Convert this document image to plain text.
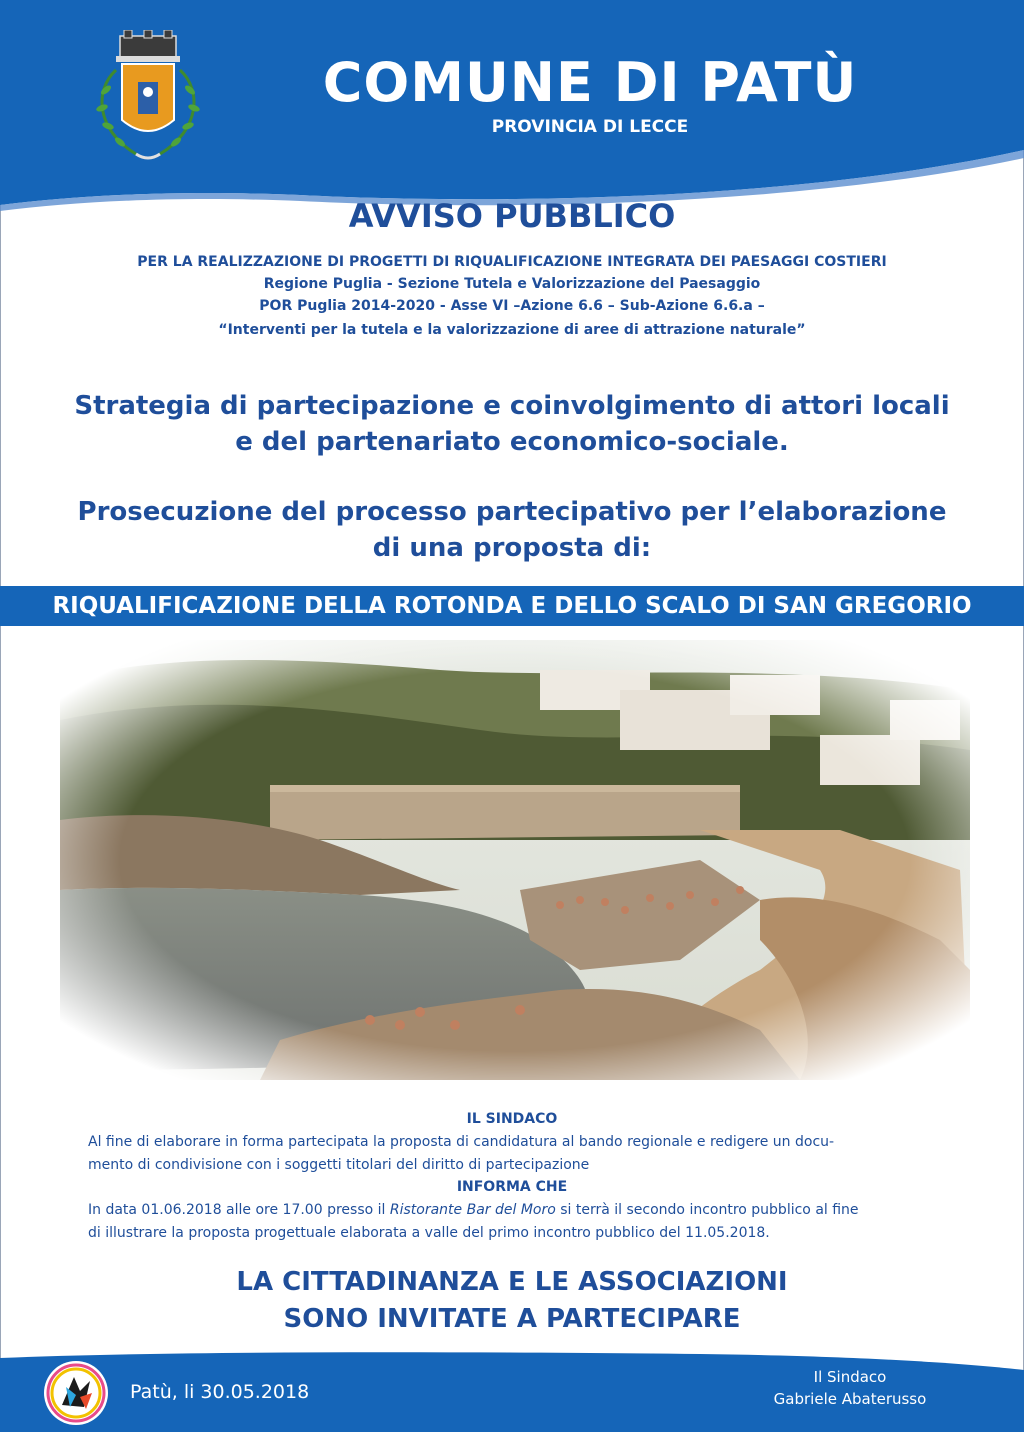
COMUNE DI PATÙ
PROVINCIA DI LECCE
AVVISO PUBBLICO
PER LA REALIZZAZIONE DI PROGETTI DI RIQUALIFICAZIONE INTEGRATA DEI PAESAGGI COSTIERI
Regione Puglia - Sezione Tutela e Valorizzazione del Paesaggio
POR Puglia 2014-2020 - Asse VI –Azione 6.6 – Sub-Azione 6.6.a –
“Interventi per la tutela e la valorizzazione di aree di attrazione naturale”
Strategia di partecipazione e coinvolgimento di attori locali
e del partenariato economico-sociale.
Prosecuzione del processo partecipativo per l’elaborazione
di una proposta di:
RIQUALIFICAZIONE DELLA ROTONDA E DELLO SCALO DI SAN GREGORIO
IL SINDACO
Al fine di elaborare in forma partecipata la proposta di candidatura al bando regionale e redigere un docu-
mento di condivisione con i soggetti titolari del diritto di partecipazione
INFORMA CHE
In data 01.06.2018 alle ore 17.00 presso il Ristorante Bar del Moro si terrà il secondo incontro pubblico al fine
di illustrare la proposta progettuale elaborata a valle del primo incontro pubblico del 11.05.2018.
LA CITTADINANZA E LE ASSOCIAZIONI
SONO INVITATE A PARTECIPARE
Patù, li 30.05.2018
Il Sindaco
Gabriele Abaterusso
